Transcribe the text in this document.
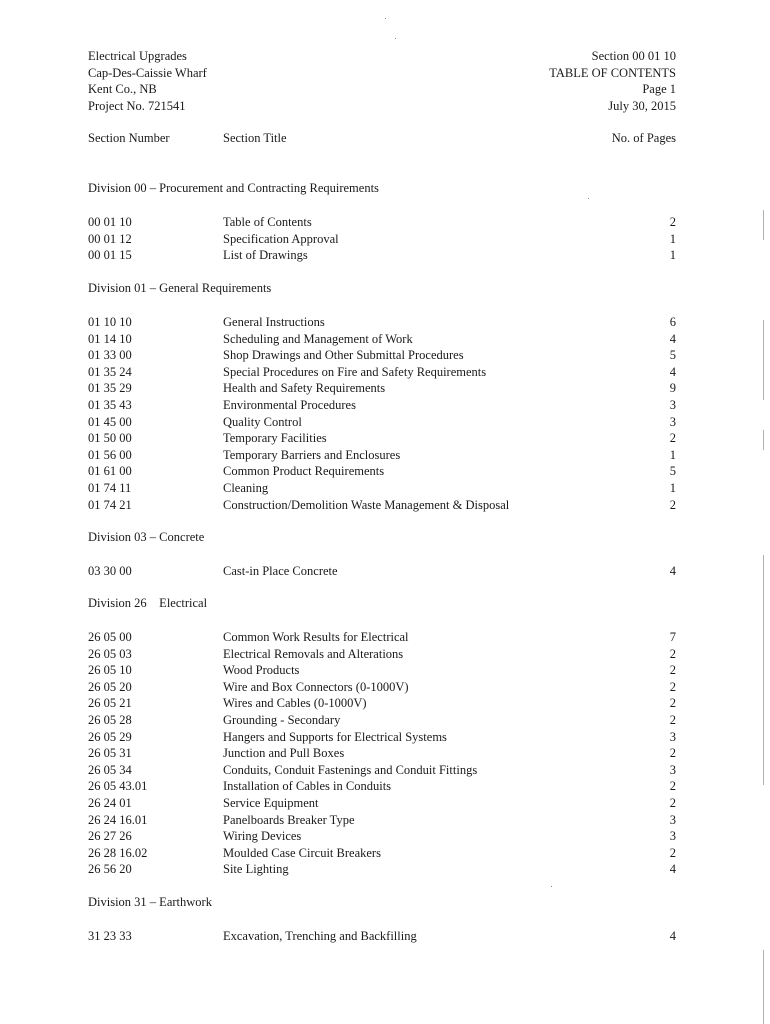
Electrical Upgrades
Cap-Des-Caissie Wharf
Kent Co., NB
Project No. 721541
Section 00 01 10
TABLE OF CONTENTS
Page 1
July 30, 2015
Section Number	Section Title	No. of Pages
Division 00 – Procurement and Contracting Requirements
00 01 10	Table of Contents	2
00 01 12	Specification Approval	1
00 01 15	List of Drawings	1
Division 01 – General Requirements
01 10 10	General Instructions	6
01 14 10	Scheduling and Management of Work	4
01 33 00	Shop Drawings and Other Submittal Procedures	5
01 35 24	Special Procedures on Fire and Safety Requirements	4
01 35 29	Health and Safety Requirements	9
01 35 43	Environmental Procedures	3
01 45 00	Quality Control	3
01 50 00	Temporary Facilities	2
01 56 00	Temporary Barriers and Enclosures	1
01 61 00	Common Product Requirements	5
01 74 11	Cleaning	1
01 74 21	Construction/Demolition Waste Management & Disposal	2
Division 03 – Concrete
03 30 00	Cast-in Place Concrete	4
Division 26    Electrical
26 05 00	Common Work Results for Electrical	7
26 05 03	Electrical Removals and Alterations	2
26 05 10	Wood Products	2
26 05 20	Wire and Box Connectors (0-1000V)	2
26 05 21	Wires and Cables (0-1000V)	2
26 05 28	Grounding - Secondary	2
26 05 29	Hangers and Supports for Electrical Systems	3
26 05 31	Junction and Pull Boxes	2
26 05 34	Conduits, Conduit Fastenings and Conduit Fittings	3
26 05 43.01	Installation of Cables in Conduits	2
26 24 01	Service Equipment	2
26 24 16.01	Panelboards Breaker Type	3
26 27 26	Wiring Devices	3
26 28 16.02	Moulded Case Circuit Breakers	2
26 56 20	Site Lighting	4
Division 31 – Earthwork
31 23 33	Excavation, Trenching and Backfilling	4
